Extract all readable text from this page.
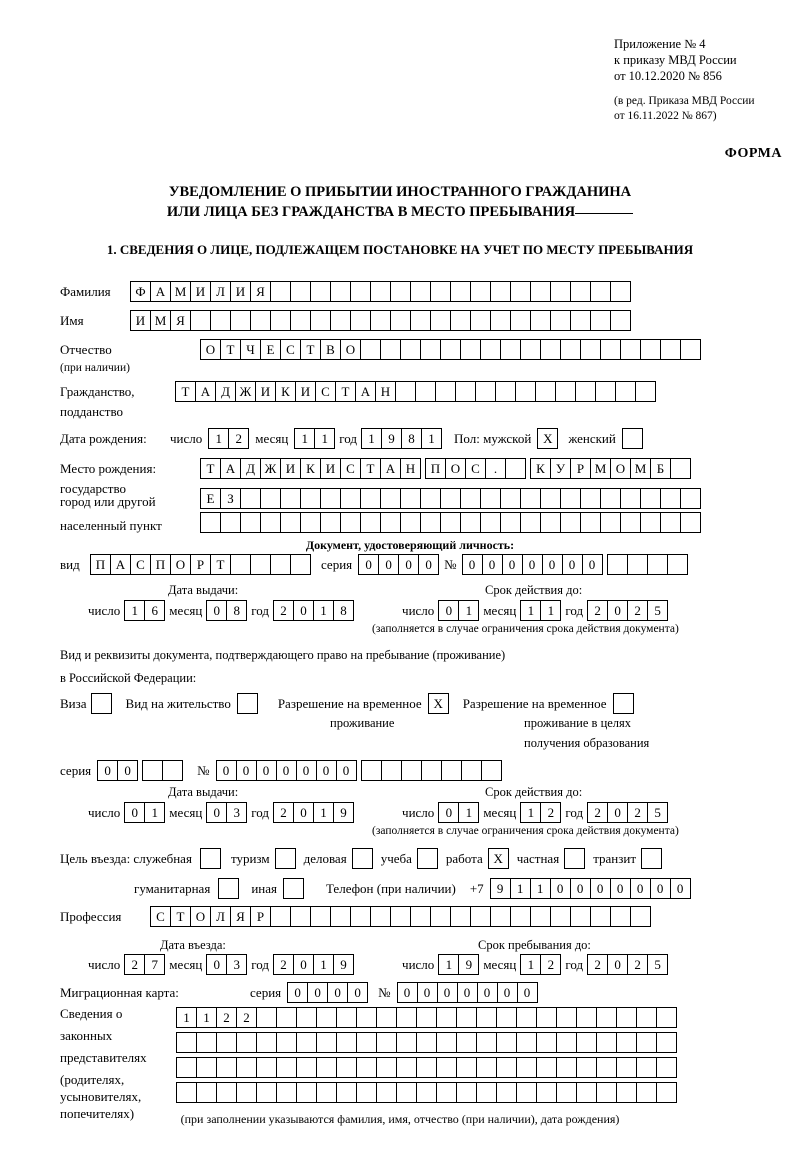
Приложение № 4
к приказу МВД России
от 10.12.2020 № 856
(в ред. Приказа МВД России
от 16.11.2022 № 867)
ФОРМА
УВЕДОМЛЕНИЕ О ПРИБЫТИИ ИНОСТРАННОГО ГРАЖДАНИНА
ИЛИ ЛИЦА БЕЗ ГРАЖДАНСТВА В МЕСТО ПРЕБЫВАНИЯ
1. СВЕДЕНИЯ О ЛИЦЕ, ПОДЛЕЖАЩЕМ ПОСТАНОВКЕ НА УЧЕТ ПО МЕСТУ ПРЕБЫВАНИЯ
Фамилия	Ф А М И Л И Я
Имя	И М Я
Отчество	О Т Ч Е С Т В О
(при наличии)
Гражданство,	Т А Д Ж И К И С Т А Н
подданство
Дата рождения:	число	1	2	месяц	1	1 год 1	9	8	1	Пол: мужской X	женский
Место рождения:	Т А Д Ж И К И С Т А Н	П О С	.	К У Р М О М Б
государство
Е З
город или другой
населенный пункт
Документ, удостоверяющий личность:
вид	П А С П О Р Т	серия	0	0	0	0 № 0	0	0	0	0	0	0
Дата выдачи:	Срок действия до:
число 1	6 месяц 0	8 год 2	0	1	8	число 0	1 месяц 1	1 год 2	0	2	5
(заполняется в случае ограничения срока действия документа)
Вид и реквизиты документа, подтверждающего право на пребывание (проживание)
в Российской Федерации:
Виза	Вид на жительство	Разрешение на временное X	Разрешение на временное
проживание	проживание в целях
получения образования
серия	0	0	№	0	0	0	0	0	0	0
Дата выдачи:	Срок действия до:
число 0	1 месяц 0	3 год 2	0	1	9	число 0	1 месяц 1	2 год 2	0	2	5
(заполняется в случае ограничения срока действия документа)
Цель въезда: служебная	туризм	деловая	учеба	работа X	частная	транзит
гуманитарная	иная	Телефон (при наличии) +7	9	1	1	0	0	0	0	0	0	0
Профессия	С Т О Л Я Р
Дата въезда:	Срок пребывания до:
число 2	7 месяц 0	3 год 2	0	1	9	число 1	9 месяц 1	2 год 2	0	2	5
Миграционная карта:	серия	0	0	0	0	№	0	0	0	0	0	0	0
Сведения о
законных
представителях
(родителях,
усыновителях,
попечителях)
1	1	2	2
(при заполнении указываются фамилия, имя, отчество (при наличии), дата рождения)
